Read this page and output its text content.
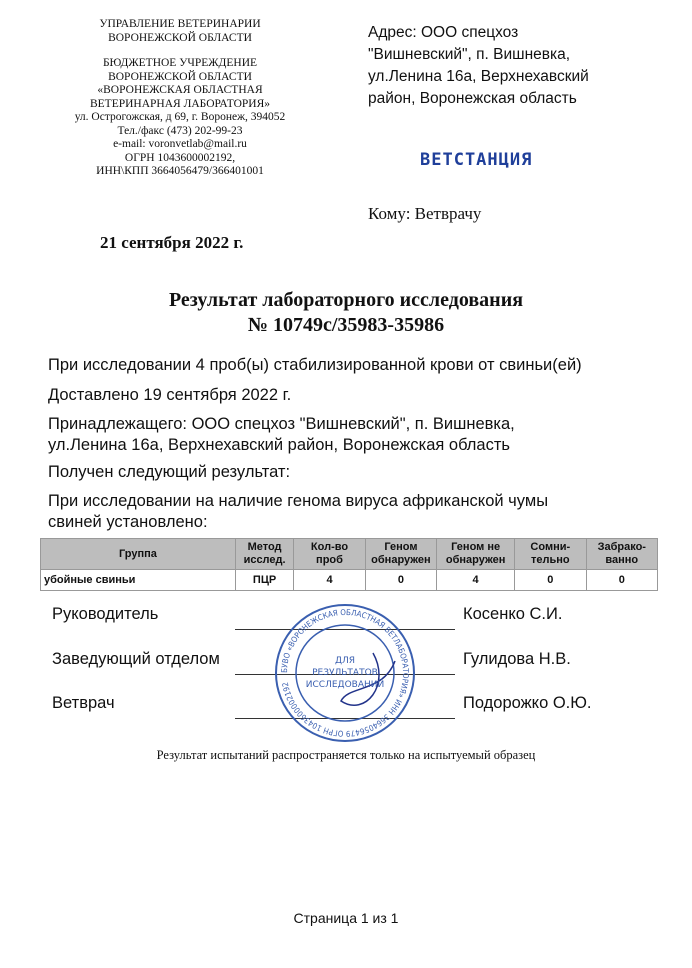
УПРАВЛЕНИЕ ВЕТЕРИНАРИИ
ВОРОНЕЖСКОЙ ОБЛАСТИ
БЮДЖЕТНОЕ УЧРЕЖДЕНИЕ
ВОРОНЕЖСКОЙ ОБЛАСТИ
«ВОРОНЕЖСКАЯ ОБЛАСТНАЯ
ВЕТЕРИНАРНАЯ ЛАБОРАТОРИЯ»
ул. Острогожская, д 69, г. Воронеж, 394052
Тел./факс (473) 202-99-23
e-mail: voronvetlab@mail.ru
ОГРН 1043600002192,
ИНН\КПП 3664056479/366401001
Адрес: ООО спецхоз
"Вишневский", п. Вишневка,
ул.Ленина 16а, Верхнехавский
район, Воронежская область
ВЕТСТАНЦИЯ
Кому: Ветврачу
21 сентября 2022 г.
Результат лабораторного исследования
№ 10749с/35983-35986
При исследовании 4 проб(ы) стабилизированной крови от свиньи(ей)
Доставлено 19 сентября 2022 г.
Принадлежащего: ООО спецхоз "Вишневский", п. Вишневка,
ул.Ленина 16а, Верхнехавский район, Воронежская область
Получен следующий результат:
При исследовании на наличие генома вируса африканской чумы
свиней установлено:
Группа	Метод исслед.	Кол-во проб	Геном обнаружен	Геном не обнаружен	Сомни-тельно	Забрако-ванно
убойные свиньи	ПЦР	4	0	4	0	0
Руководитель	Косенко С.И.
Заведующий отделом	Гулидова Н.В.
Ветврач	Подорожко О.Ю.
БУВО «ВОРОНЕЖСКАЯ ОБЛАСТНАЯ ВЕТЛАБОРАТОРИЯ» ИНН 3664056479 ОГРН 1043600002192
ДЛЯ
РЕЗУЛЬТАТОВ
ИССЛЕДОВАНИЙ
Результат испытаний распространяется только на испытуемый образец
Страница 1 из 1
